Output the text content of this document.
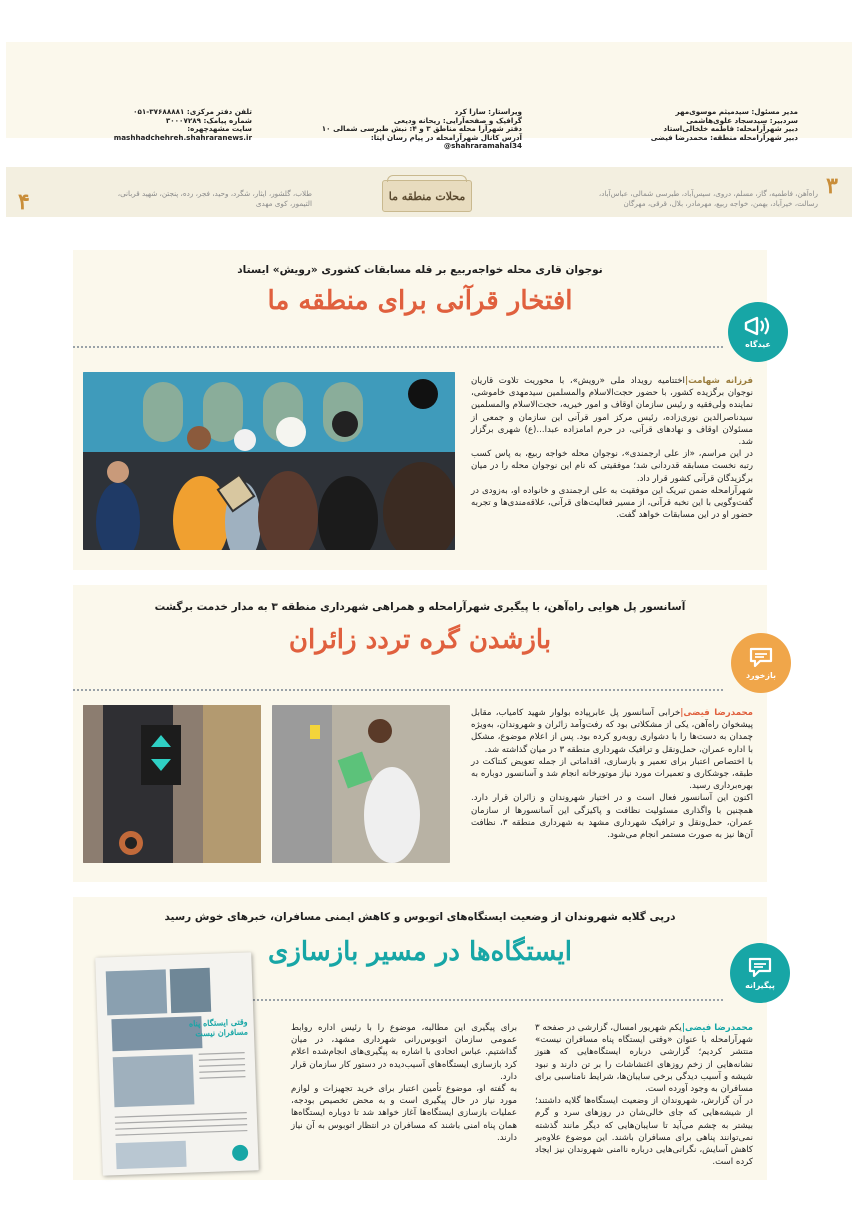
مدیر مسئول: سیدمیثم موسوی‌مهر
سردبیر: سیدسجاد علوی‌هاشمی
دبیر شهرآرامحله: فاطمه خلخالی‌استاد
دبیر شهرآرامحله منطقه: محمدرضا فیضی
ویراستار: سازا کرد
گرافیک و صفحه‌آرایی: ریحانه ودیعی
دفتر شهرآرا محله مناطق ۳ و ۴: نبش طبرسی شمالی ۱۰
آدرس کانال شهرآرامحله در پیام رسان ایتا: shahraramahal34@
تلفن دفتر مرکزی: ۳۷۶۸۸۸۸۱-۰۵۱
شماره پیامک: ۳۰۰۰۷۲۸۹
سایت مشهدچهره:
mashhadchehreh.shahraranews.ir
۳
راه‌آهن، فاطمیه، گاز، مسلم، دروی، سیس‌آباد، طبرسی شمالی، عباس‌آباد،
رسالت، خیرآباد، بهمن، خواجه ربیع، مهرمادر، بلال، قرقی، مهرگان
محلات منطقه ما
طلاب، گلشور، ایثار، شگرد، وحید، فجر، رده، پنجتن، شهید قربانی،
التیمور، کوی مهدی
۴
نوجوان قاری محله خواجه‌ربیع بر قله مسابقات کشوری «رویش» ایستاد
افتخار قرآنی برای منطقه ما

فرزانه شهامت|اختتامیه رویداد ملی «رویش»، با محوریت تلاوت قاریان نوجوان برگزیده کشور، با حضور حجت‌الاسلام والمسلمین سیدمهدی خاموشی، نماینده ولی‌فقیه و رئیس سازمان اوقاف و امور خیریه، حجت‌الاسلام والمسلمین سیدناصرالدین نوری‌زاده، رئیس مرکز امور قرآنی این سازمان و جمعی از مسئولان اوقاف و نهادهای قرآنی، در حرم امامزاده عبدا...(ع) شهری برگزار شد.

در این مراسم، «از علی ارجمندی»، نوجوان محله خواجه ربیع، به پاس کسب رتبه نخست مسابقه قدردانی شد؛ موفقیتی که نام این نوجوان محله را در میان برگزیدگان قرآنی کشور قرار داد.

شهرآرامحله ضمن تبریک این موفقیت به علی ارجمندی و خانواده او، به‌زودی در گفت‌وگویی با این نخبه قرآنی، از مسیر فعالیت‌های قرآنی، علاقه‌مندی‌ها و تجربه حضور او در این مسابقات خواهد گفت.

عیدگاه
آسانسور پل هوایی راه‌آهن، با پیگیری شهرآرامحله و همراهی شهرداری منطقه ۳ به مدار خدمت برگشت
بازشدن گره تردد زائران

محمدرضا فیضی|خرابی آسانسور پل عابرپیاده بولوار شهید کامیاب، مقابل پیشخوان راه‌آهن، یکی از مشکلاتی بود که رفت‌وآمد زائران و شهروندان، به‌ویژه چمدان به دست‌ها را با دشواری روبه‌رو کرده بود. پس از اعلام موضوع، مشکل با اداره عمران، حمل‌ونقل و ترافیک شهرداری منطقه ۳ در میان گذاشته شد.

با اختصاص اعتبار برای تعمیر و بازسازی، اقداماتی از جمله تعویض کنتاکت در طبقه، جوشکاری و تعمیرات مورد نیاز موتورخانه انجام شد و آسانسور دوباره به بهره‌برداری رسید.

اکنون این آسانسور فعال است و در اختیار شهروندان و زائران قرار دارد. همچنین با واگذاری مسئولیت نظافت و پاکیزگی این آسانسورها از سازمان عمران، حمل‌ونقل و ترافیک شهرداری مشهد به شهرداری منطقه ۳، نظافت آن‌ها نیز به صورت مستمر انجام می‌شود.

بازخورد
درپی گلایه شهروندان از وضعیت ایستگاه‌های اتوبوس و کاهش ایمنی مسافران، خبرهای خوش رسید
ایستگاه‌ها در مسیر بازسازی

محمدرضا فیضی|یکم شهریور امسال، گزارشی در صفحه ۳ شهرآرامحله با عنوان «وقتی ایستگاه پناه مسافران نیست» منتشر کردیم؛ گزارشی درباره ایستگاه‌هایی که هنوز نشانه‌هایی از زخم روزهای اغتشاشات را بر تن دارند و نبود شیشه و آسیب دیدگی برخی سایبان‌ها، شرایط نامناسبی برای مسافران به وجود آورده است.

در آن گزارش، شهروندان از وضعیت ایستگاه‌ها گلایه داشتند؛ از شیشه‌هایی که جای خالی‌شان در روزهای سرد و گرم بیشتر به چشم می‌آید تا سایبان‌هایی که دیگر مانند گذشته نمی‌توانند پناهی برای مسافران باشند. این موضوع علاوه‌بر کاهش آسایش، نگرانی‌هایی درباره ناامنی شهروندان نیز ایجاد کرده است.

برای پیگیری این مطالبه، موضوع را با رئیس اداره روابط عمومی سازمان اتوبوس‌رانی شهرداری مشهد، در میان گذاشتیم. عباس اتحادی با اشاره به پیگیری‌های انجام‌شده اعلام کرد بازسازی ایستگاه‌های آسیب‌دیده در دستور کار سازمان قرار دارد.

به گفته او، موضوع تأمین اعتبار برای خرید تجهیزات و لوازم مورد نیاز در حال پیگیری است و به محض تخصیص بودجه، عملیات بازسازی ایستگاه‌ها آغاز خواهد شد تا دوباره ایستگاه‌ها همان پناه امنی باشند که مسافران در انتظار اتوبوس به آن نیاز دارند.

وقتی ایستگاه پناه مسافران نیست
پیگیرانه
